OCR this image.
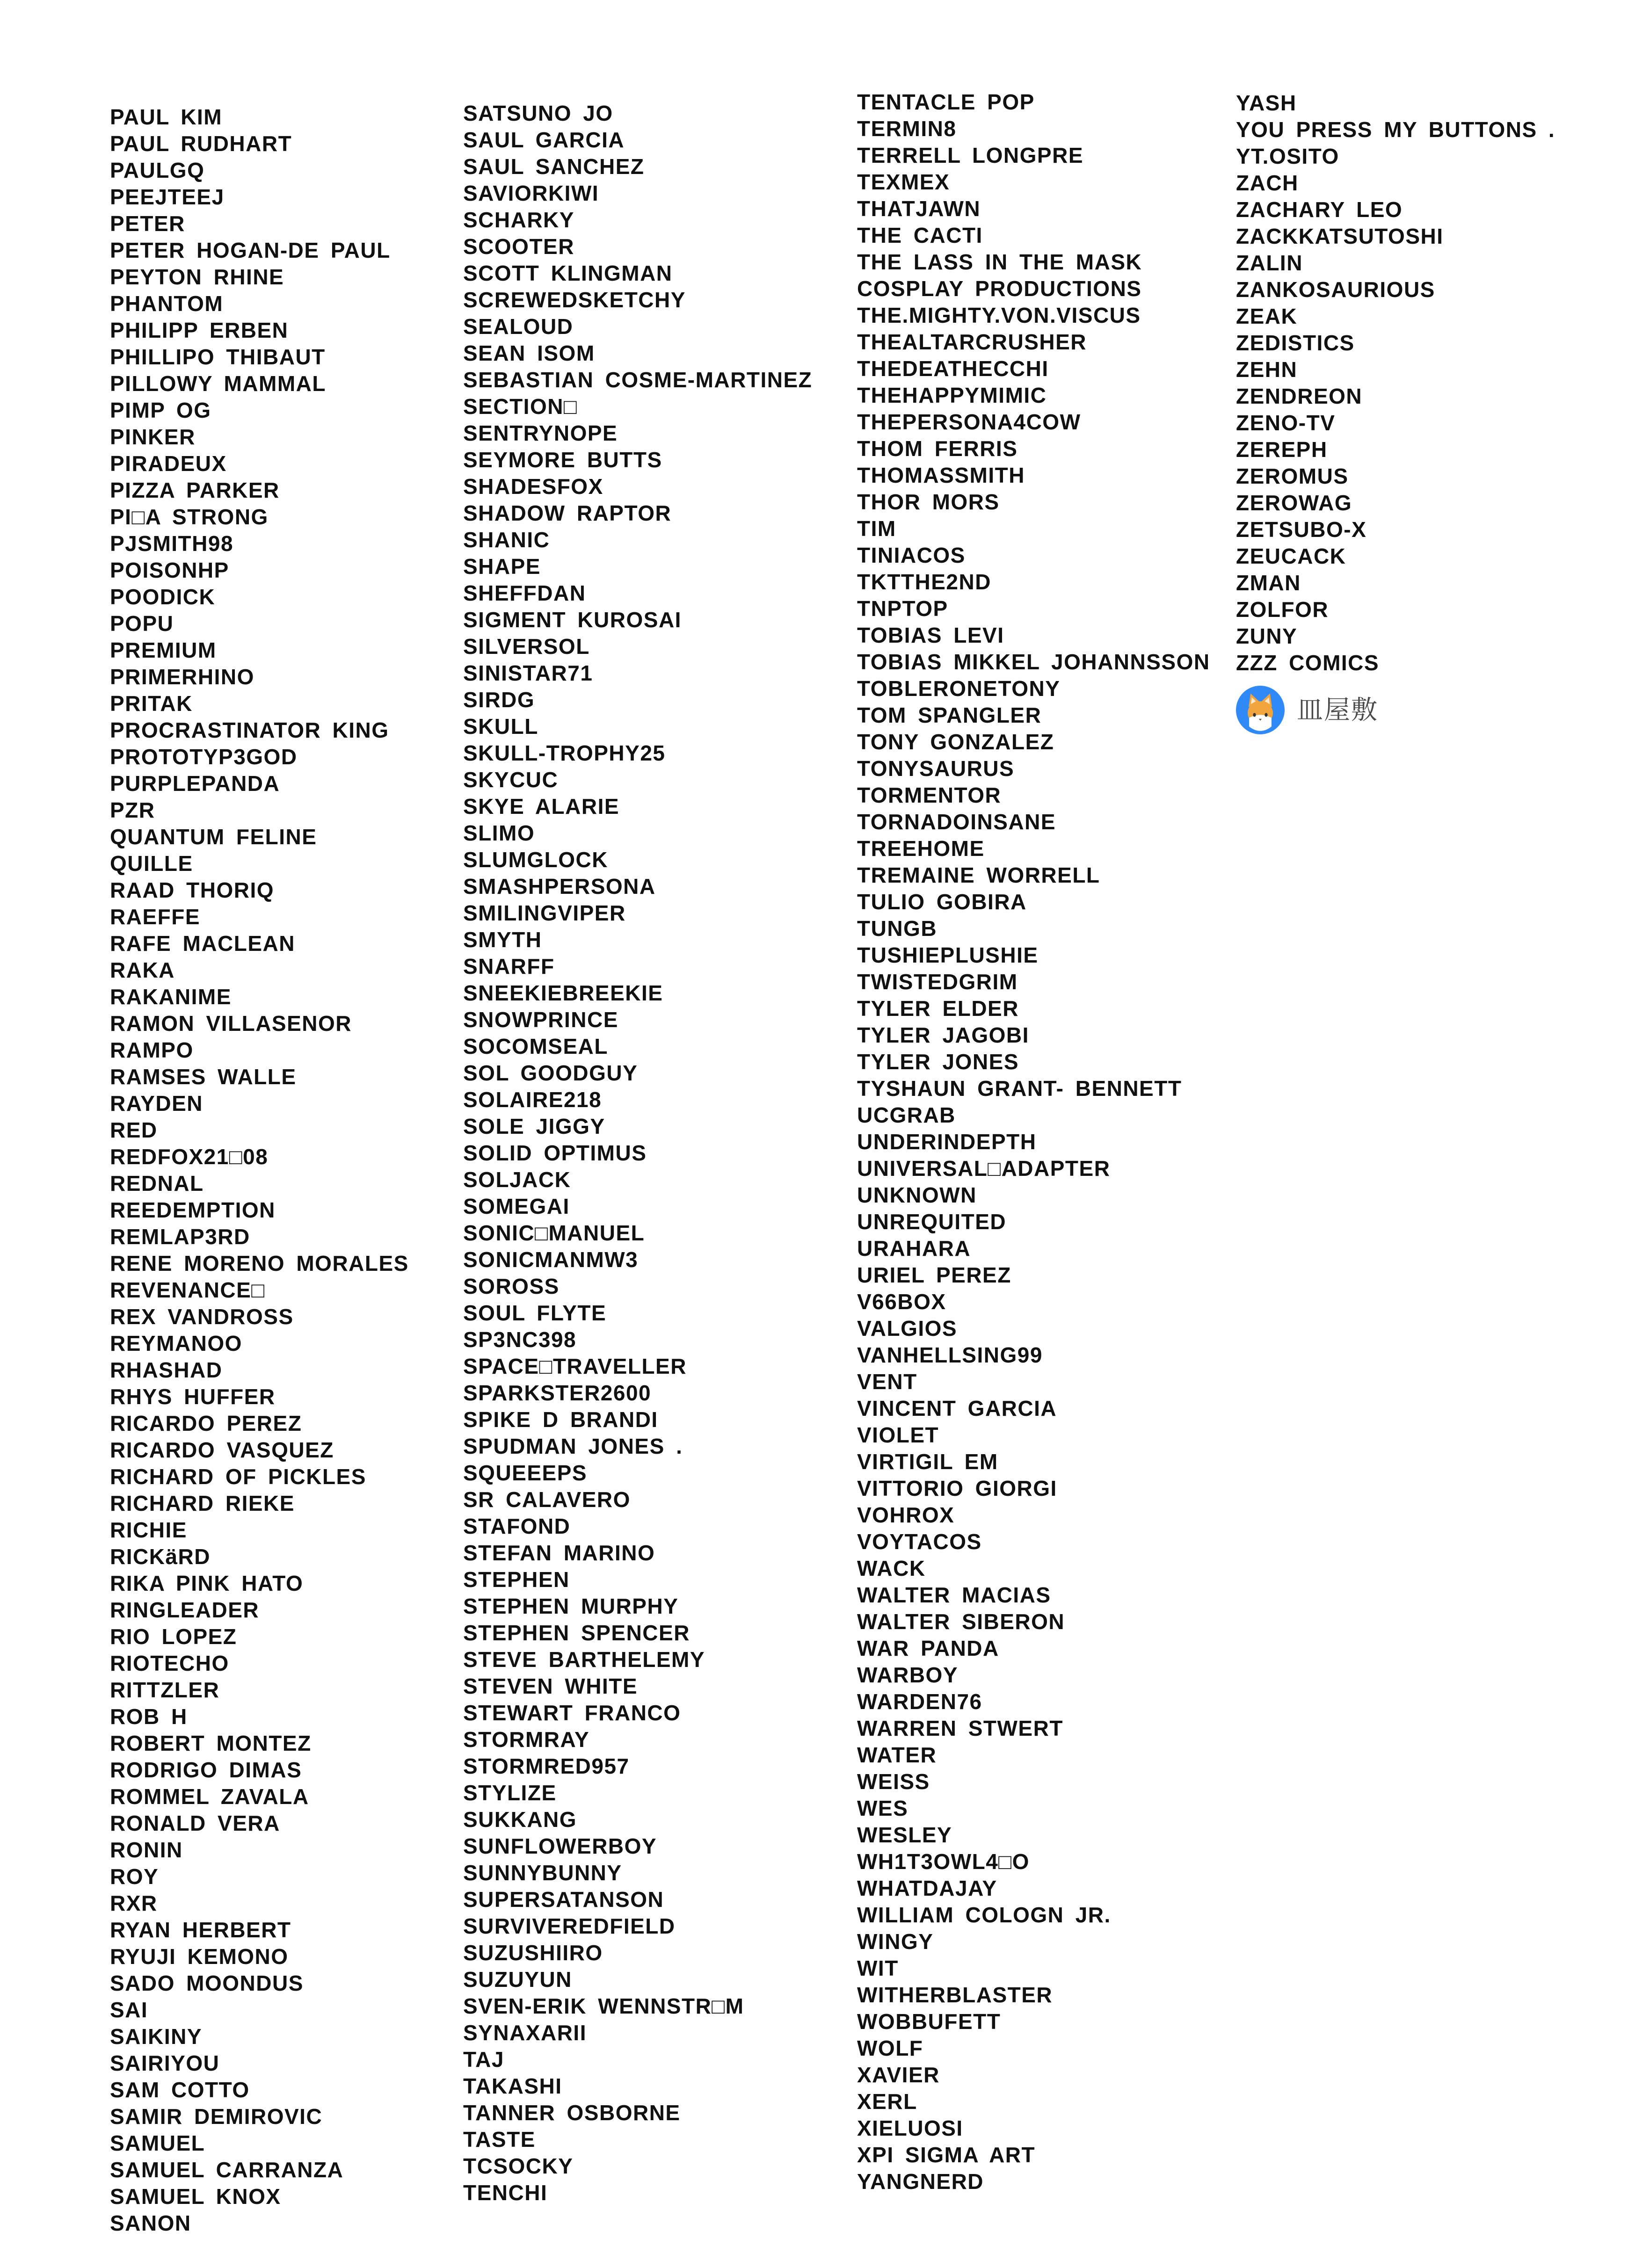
PAUL KIM
PAUL RUDHART
PAULGQ
PEEJTEEJ
PETER
PETER HOGAN-DE PAUL
PEYTON RHINE
PHANTOM
PHILIPP ERBEN
PHILLIPO THIBAUT
PILLOWY MAMMAL
PIMP OG
PINKER
PIRADEUX
PIZZA PARKER
PI□A STRONG
PJSMITH98
POISONHP
POODICK
POPU
PREMIUM
PRIMERHINO
PRITAK
PROCRASTINATOR KING
PROTOTYP3GOD
PURPLEPANDA
PZR
QUANTUM FELINE
QUILLE
RAAD THORIQ
RAEFFE
RAFE MACLEAN
RAKA
RAKANIME
RAMON VILLASENOR
RAMPO
RAMSES WALLE
RAYDEN
RED
REDFOX21□08
REDNAL
REEDEMPTION
REMLAP3RD
RENE MORENO MORALES
REVENANCE□
REX VANDROSS
REYMANOO
RHASHAD
RHYS HUFFER
RICARDO PEREZ
RICARDO VASQUEZ
RICHARD OF PICKLES
RICHARD RIEKE
RICHIE
RICKäRD
RIKA PINK HATO
RINGLEADER
RIO LOPEZ
RIOTECHO
RITTZLER
ROB H
ROBERT MONTEZ
RODRIGO DIMAS
ROMMEL ZAVALA
RONALD VERA
RONIN
ROY
RXR
RYAN HERBERT
RYUJI KEMONO
SADO MOONDUS
SAI
SAIKINY
SAIRIYOU
SAM COTTO
SAMIR DEMIROVIC
SAMUEL
SAMUEL CARRANZA
SAMUEL KNOX
SANON
SATSUNO JO
SAUL GARCIA
SAUL SANCHEZ
SAVIORKIWI
SCHARKY
SCOOTER
SCOTT KLINGMAN
SCREWEDSKETCHY
SEALOUD
SEAN ISOM
SEBASTIAN COSME-MARTINEZ
SECTION□
SENTRYNOPE
SEYMORE BUTTS
SHADESFOX
SHADOW RAPTOR
SHANIC
SHAPE
SHEFFDAN
SIGMENT KUROSAI
SILVERSOL
SINISTAR71
SIRDG
SKULL
SKULL-TROPHY25
SKYCUC
SKYE ALARIE
SLIMO
SLUMGLOCK
SMASHPERSONA
SMILINGVIPER
SMYTH
SNARFF
SNEEKIEBREEKIE
SNOWPRINCE
SOCOMSEAL
SOL GOODGUY
SOLAIRE218
SOLE JIGGY
SOLID OPTIMUS
SOLJACK
SOMEGAI
SONIC□MANUEL
SONICMANMW3
SOROSS
SOUL FLYTE
SP3NC398
SPACE□TRAVELLER
SPARKSTER2600
SPIKE D BRANDI
SPUDMAN JONES .
SQUEEEPS
SR CALAVERO
STAFOND
STEFAN MARINO
STEPHEN
STEPHEN MURPHY
STEPHEN SPENCER
STEVE BARTHELEMY
STEVEN WHITE
STEWART FRANCO
STORMRAY
STORMRED957
STYLIZE
SUKKANG
SUNFLOWERBOY
SUNNYBUNNY
SUPERSATANSON
SURVIVEREDFIELD
SUZUSHIIRO
SUZUYUN
SVEN-ERIK WENNSTR□M
SYNAXARII
TAJ
TAKASHI
TANNER OSBORNE
TASTE
TCSOCKY
TENCHI
TENTACLE POP
TERMIN8
TERRELL LONGPRE
TEXMEX
THATJAWN
THE CACTI
THE LASS IN THE MASK
COSPLAY PRODUCTIONS
THE.MIGHTY.VON.VISCUS
THEALTARCRUSHER
THEDEATHECCHI
THEHAPPYMIMIC
THEPERSONA4COW
THOM FERRIS
THOMASSMITH
THOR MORS
TIM
TINIACOS
TKTTHE2ND
TNPTOP
TOBIAS LEVI
TOBIAS MIKKEL JOHANNSSON
TOBLERONETONY
TOM SPANGLER
TONY GONZALEZ
TONYSAURUS
TORMENTOR
TORNADOINSANE
TREEHOME
TREMAINE WORRELL
TULIO GOBIRA
TUNGB
TUSHIEPLUSHIE
TWISTEDGRIM
TYLER ELDER
TYLER JAGOBI
TYLER JONES
TYSHAUN GRANT- BENNETT
UCGRAB
UNDERINDEPTH
UNIVERSAL□ADAPTER
UNKNOWN
UNREQUITED
URAHARA
URIEL PEREZ
V66BOX
VALGIOS
VANHELLSING99
VENT
VINCENT GARCIA
VIOLET
VIRTIGIL EM
VITTORIO GIORGI
VOHROX
VOYTACOS
WACK
WALTER MACIAS
WALTER SIBERON
WAR PANDA
WARBOY
WARDEN76
WARREN STWERT
WATER
WEISS
WES
WESLEY
WH1T3OWL4□O
WHATDAJAY
WILLIAM COLOGN JR.
WINGY
WIT
WITHERBLASTER
WOBBUFETT
WOLF
XAVIER
XERL
XIELUOSI
XPI SIGMA ART
YANGNERD
YASH
YOU PRESS MY BUTTONS .
YT.OSITO
ZACH
ZACHARY LEO
ZACKKATSUTOSHI
ZALIN
ZANKOSAURIOUS
ZEAK
ZEDISTICS
ZEHN
ZENDREON
ZENO-TV
ZEREPH
ZEROMUS
ZEROWAG
ZETSUBO-X
ZEUCACK
ZMAN
ZOLFOR
ZUNY
ZZZ COMICS
皿屋敷
